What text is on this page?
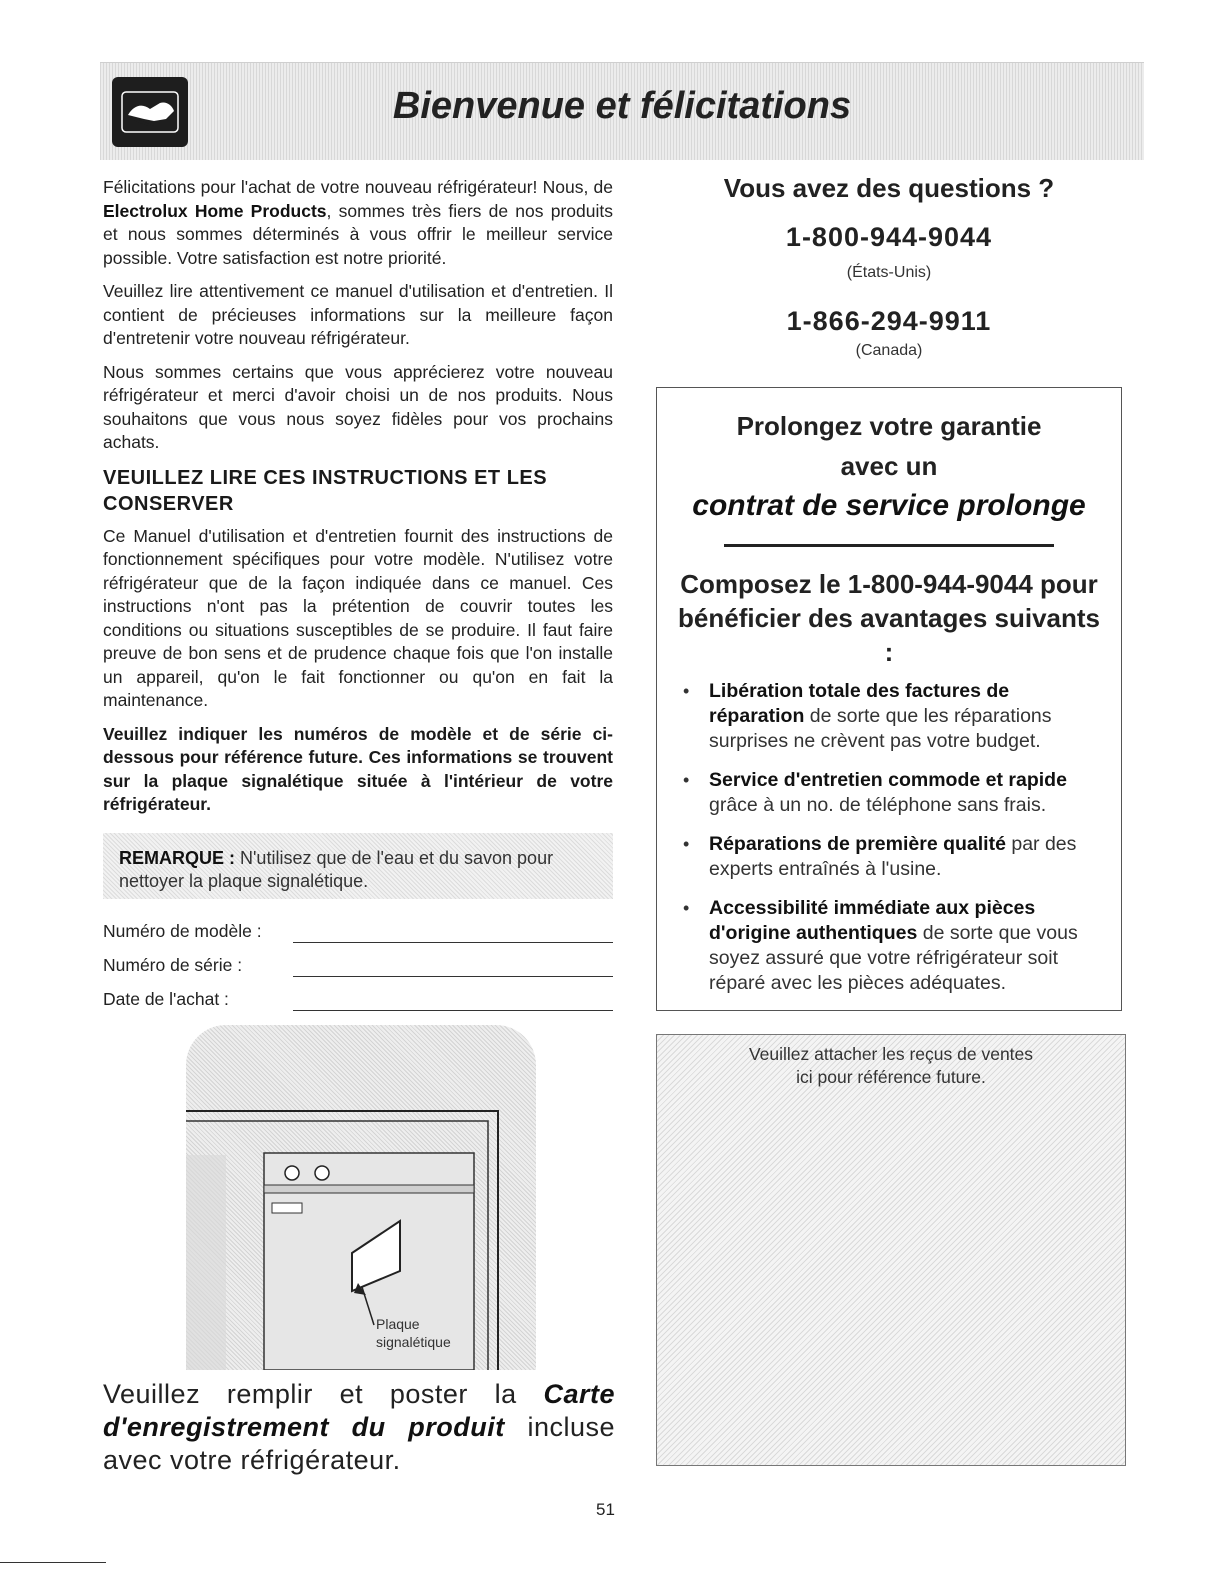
Bienvenue et félicitations

Félicitations pour l'achat de votre nouveau réfrigérateur! Nous, de Electrolux Home Products, sommes très fiers de nos produits et nous sommes déterminés à vous offrir le meilleur service possible. Votre satisfaction est notre priorité.

Veuillez lire attentivement ce manuel d'utilisation et d'entretien. Il contient de précieuses informations sur la meilleure façon d'entretenir votre nouveau réfrigérateur.

Nous sommes certains que vous apprécierez votre nouveau réfrigérateur et merci d'avoir choisi un de nos produits. Nous souhaitons que vous nous soyez fidèles pour vos prochains achats.

VEUILLEZ LIRE CES INSTRUCTIONS ET LES CONSERVER

Ce Manuel d'utilisation et d'entretien fournit des instructions de fonctionnement spécifiques pour votre modèle. N'utilisez votre réfrigérateur que de la façon indiquée dans ce manuel. Ces instructions n'ont pas la prétention de couvrir toutes les conditions ou situations susceptibles de se produire. Il faut faire preuve de bon sens et de prudence chaque fois que l'on installe un appareil, qu'on le fait fonctionner ou qu'on en fait la maintenance.

Veuillez indiquer les numéros de modèle et de série ci-dessous pour référence future. Ces informations se trouvent sur la plaque signalétique située à l'intérieur de votre réfrigérateur.

REMARQUE : N'utilisez que de l'eau et du savon pour nettoyer la plaque signalétique.
Numéro de modèle :
Numéro de série :
Date de l'achat :
Plaque signalétique
Veuillez remplir et poster la Carte d'enregistrement du produit incluse avec votre réfrigérateur.
Vous avez des questions ?
1-800-944-9044
(États-Unis)
1-866-294-9911
(Canada)
Prolongez votre garantie
avec un
contrat de service prolonge
Composez le 1-800-944-9044 pour bénéficier des avantages suivants :
• Libération totale des factures de réparation de sorte que les réparations surprises ne crèvent pas votre budget.
• Service d'entretien commode et rapide grâce à un no. de téléphone sans frais.
• Réparations de première qualité par des experts entraînés à l'usine.
• Accessibilité immédiate aux pièces d'origine authentiques de sorte que vous soyez assuré que votre réfrigérateur soit réparé avec les pièces adéquates.
Veuillez attacher les reçus de ventes ici pour référence future.
51
